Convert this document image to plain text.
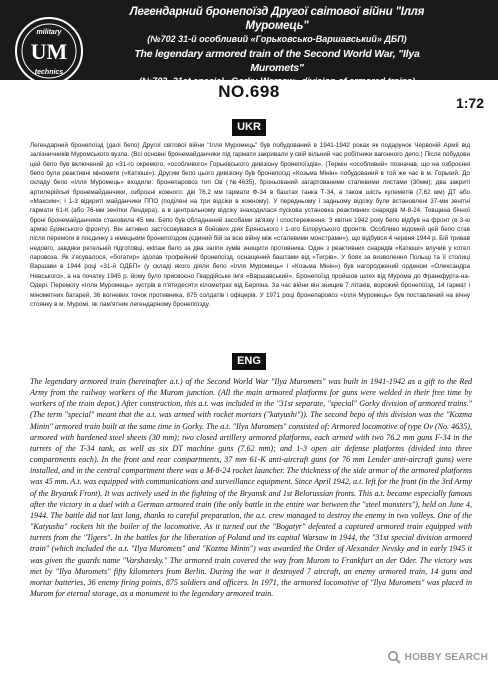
military
UM
technics
Легендарний бронепоїзд Другої світової війни "Ілля Муромець"
(№702 31-й особливий «Горьковсько-Варшавський» ДБП)
The legendary armored train of the Second World War, "Ilya Muromets"
NO.698
1:72
UKR
Легендарний бронепоїзд (далі бепо) Другої світової війни "Ілля Муромець" був побудований в 1941-1942 роках як подарунок Червоній Армії від залізничників Муромського вузла. (Всі основні бронемайданчики під гармати закривали у свій вільний час робітники вагонного депо.) Після побудови цей бепо був включений до «31-го окремого, «особливого» Горьківського дивізіону бронепоїздів». (Термін «особливий» позначав, що на озброєнні бепо були реактивні міномети («Катюші»). Другим бепо цього дивізіону був бронепоїзд «Козьма Мінін» побудований в той же час в м. Горький. До складу бепо «Ілля Муромець» входили: бронепаровоз тип Ов (№4635), броньований загартованими сталевими листами (30мм); два закриті артилерійські бронемайданчики, озброєні кожного: дві 76,2 мм гармати Ф-34 в баштах танка Т-34, а також шість кулеметів (7,62 мм) ДТ або «Максим»; і 1-3 відкриті майданчики ППО (поділені на три відсіки в кожному). У передньому і задньому відсіку були встановлені 37-мм зенітні гармати 61-К (або 76-мм зенітки Лендера), а в центральному відсіку знаходилася пускова установка реактивних снарядів М-8-24. Товщина бічної броні бронемайданчиків становила 45 мм. Бепо був обладнаний засобами зв'язку і спостереження. З квітня 1942 року бепо відбув на фронт (в 3-ю армію Брянського фронту). Він активно застосовувався в бойових діях Брянського і 1-ого Білоруського фронтів. Особливо відомий цей бепо став після перемоги в поєдинку з німецьким бронепоїздом (єдиний бій за всю війну між «сталевими монстрами»), що відбувся 4 червня 1944 р. Бій тривав недовго, завдяки ретельній підготовці, екіпаж бепо за два залпи зумів знищити противника. Один з реактивних снарядів «Катюші» влучив у котел паровоза. Як з'ясувалося, «богатир» здолав трофейний бронепоїзд, оснащений баштами від «Тигрів». У боях за визволення Польщі та її столиці Варшави в 1944 році «31-й ОДБП» (у складі якого діяли бепо «Ілля Муромець» і «Козьма Мінін») був нагороджений орденом «Олександра Невського», а на початку 1945 р. йому було присвоєно Гвардійське ім'я «Варшавський». Бронепоїзд пройшов шлях від Мурома до Франкфурта-на-Одері. Перемогу «Ілля Муромець» зустрів в п'ятидесяти кілометрах від Берліна. За час війни він знищив 7 літаків, ворожий бронепоїзд, 14 гармат і мінометних батарей, 36 вогневих точок противника, 875 солдатів і офіцерів. У 1971 році бронепаровоз «Ілля Муромець» був поставлений на вічну стоянку в м. Муромі, як пам'ятник легендарному бронепоїзду.
ENG
The legendary armored train (hereinafter a.t.) of the Second World War "Ilya Muromets" was built in 1941-1942 as a gift to the Red Army from the railway workers of the Murom junction. (All the main armored platforms for guns were welded in their free time by workers of the train depot.) After construction, this a.t. was included in the "31st separate, "special" Gorky division of armored trains." (The term "special" meant that the a.t. was armed with rocket mortars ("katyushi")). The second bepo of this division was the "Kozma Minin" armored train built at the same time in Gorky. The a.t. "Ilya Muromets" consisted of: Armored locomotive of type Ov (No. 4635), armored with hardened steel sheets (30 mm); two closed artillery armored platforms, each armed with two 76.2 mm guns F-34 in the turrets of the T-34 tank, as well as six DT machine guns (7.62 mm); and 1-3 open air defense platforms (divided into three compartments each). In the front and rear compartments, 37 mm 61-K anti-aircraft guns (or 76 mm Lender anti-aircraft guns) were installed, and in the central compartment there was a M-8-24 rocket launcher. The thickness of the side armor of the armored platforms was 45 mm. A.t. was equipped with communications and surveillance equipment. Since April 1942, a.t. left for the front (in the 3rd Army of the Bryansk Front). It was actively used in the fighting of the Bryansk and 1st Belorussian fronts. This a.t. became especially famous after the victory in a duel with a German armored train (the only battle in the entire war between the "steel monsters"), held on June 4, 1944. The battle did not last long, thanks to careful preparation, the a.t. crew managed to destroy the enemy in two volleys. One of the "Katyusha" rockets hit the boiler of the locomotive. As it turned out the "Bogatyr" defeated a captured armored train equipped with turrets from the "Tigers". In the battles for the liberation of Poland and its capital Warsaw in 1944, the "31st special division armored train" (which included the a.t. "Ilya Muromets" and "Kozma Minin") was awarded the Order of Alexander Nevsky and in early 1945 it was given the guards name "Varshavsky." The armored train covered the way from Murom to Frankfurt an der Oder. The victory was met by "Ilya Muromets" fifty kilometers from Berlin. During the war it destroyed 7 aircraft, an enemy armored train, 14 guns and mortar batteries, 36 enemy firing points, 875 soldiers and officers. In 1971, the armored locomotive of "Ilya Muromets" was placed in Murom for eternal storage, as a monument to the legendary armored train.
HOBBY SEARCH
